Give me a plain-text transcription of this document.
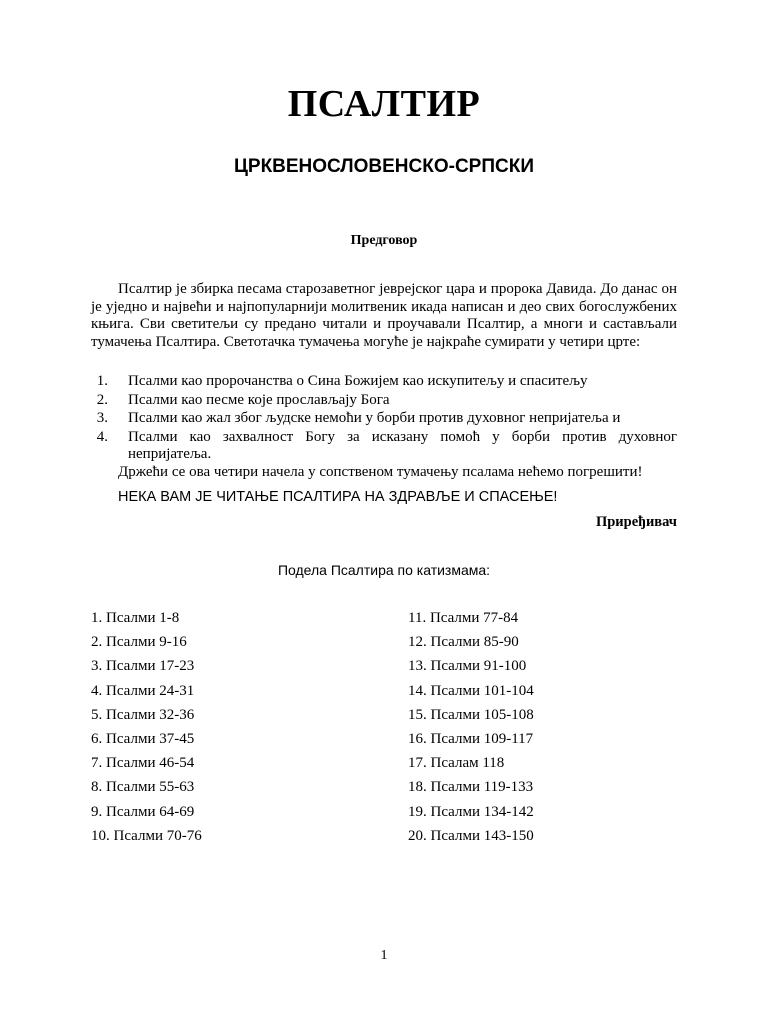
ПСАЛТИР
ЦРКВЕНОСЛОВЕНСКО-СРПСКИ
Предговор

Псалтир је збирка песама старозаветног јеврејског цара и пророка Давида. До данас он је уједно и највећи и најпопуларнији молитвеник икада написан и део свих богослужбених књига. Сви светитељи су предано читали и проучавали Псалтир, а многи и састављали тумачења Псалтира. Светотачка тумачења могуће је најкраће сумирати у четири црте:

1.	Псалми као пророчанства о Сина Божијем као искупитељу и спаситељу
2.	Псалми као песме које прослављају Бога
3.	Псалми као жал због људске немоћи у борби против духовног непријатеља и
4.	Псалми као захвалност Богу за исказану помоћ у борби против духовног непријатеља.

Држећи се ова четири начела у сопственом тумачењу псалама нећемо погрешити!

НЕКА ВАМ ЈЕ ЧИТАЊЕ ПСАЛТИРА НА ЗДРАВЉЕ И СПАСЕЊЕ!

Приређивач

Подела Псалтира по катизмама:

1. Псалми 1-8
2. Псалми 9-16
3. Псалми 17-23
4. Псалми 24-31
5. Псалми 32-36
6. Псалми 37-45
7. Псалми 46-54
8. Псалми 55-63
9. Псалми 64-69
10. Псалми 70-76
11. Псалми 77-84
12. Псалми 85-90
13. Псалми 91-100
14. Псалми 101-104
15. Псалми 105-108
16. Псалми 109-117
17. Псалам 118
18. Псалми 119-133
19. Псалми 134-142
20. Псалми 143-150

1
